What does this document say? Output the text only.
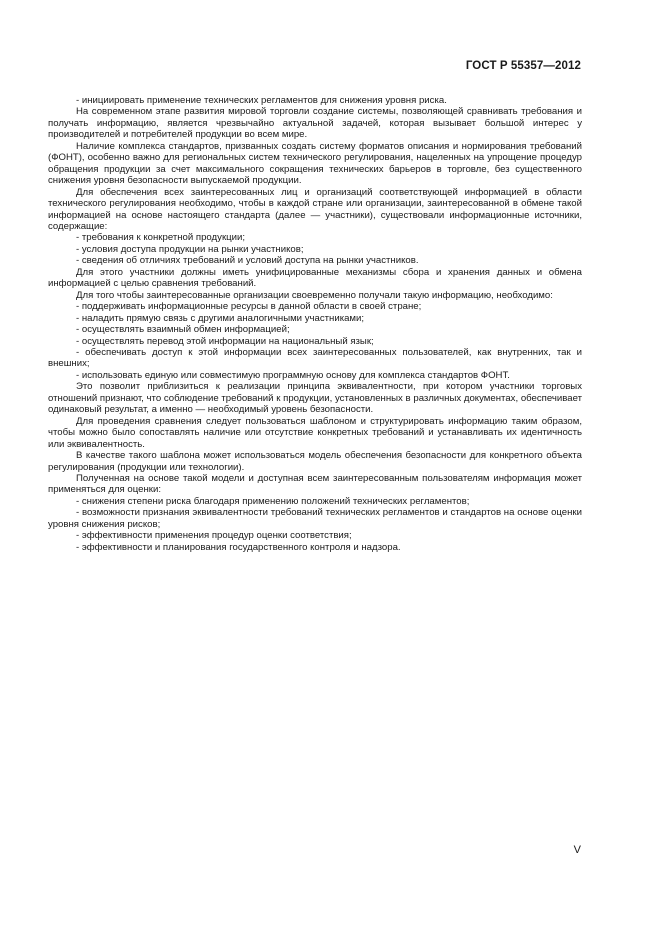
ГОСТ Р 55357—2012

- инициировать применение технических регламентов для снижения уровня риска.

На современном этапе развития мировой торговли создание системы, позволяющей сравнивать требования и получать информацию, является чрезвычайно актуальной задачей, которая вызывает большой интерес у производителей и потребителей продукции во всем мире.

Наличие комплекса стандартов, призванных создать систему форматов описания и нормирования требований (ФОНТ), особенно важно для региональных систем технического регулирования, нацеленных на упрощение процедур обращения продукции за счет максимального сокращения технических барьеров в торговле, без существенного снижения уровня безопасности выпускаемой продукции.

Для обеспечения всех заинтересованных лиц и организаций соответствующей информацией в области технического регулирования необходимо, чтобы в каждой стране или организации, заинтересованной в обмене такой информацией на основе настоящего стандарта (далее — участники), существовали информационные источники, содержащие:

- требования к конкретной продукции;

- условия доступа продукции на рынки участников;

- сведения об отличиях требований и условий доступа на рынки участников.

Для этого участники должны иметь унифицированные механизмы сбора и хранения данных и обмена информацией с целью сравнения требований.

Для того чтобы заинтересованные организации своевременно получали такую информацию, необходимо:

- поддерживать информационные ресурсы в данной области в своей стране;

- наладить прямую связь с другими аналогичными участниками;

- осуществлять взаимный обмен информацией;

- осуществлять перевод этой информации на национальный язык;

- обеспечивать доступ к этой информации всех заинтересованных пользователей, как внутренних, так и внешних;

- использовать единую или совместимую программную основу для комплекса стандартов ФОНТ.

Это позволит приблизиться к реализации принципа эквивалентности, при котором участники торговых отношений признают, что соблюдение требований к продукции, установленных в различных документах, обеспечивает одинаковый результат, а именно — необходимый уровень безопасности.

Для проведения сравнения следует пользоваться шаблоном и структурировать информацию таким образом, чтобы можно было сопоставлять наличие или отсутствие конкретных требований и устанавливать их идентичность или эквивалентность.

В качестве такого шаблона может использоваться модель обеспечения безопасности для конкретного объекта регулирования (продукции или технологии).

Полученная на основе такой модели и доступная всем заинтересованным пользователям информация может применяться для оценки:

- снижения степени риска благодаря применению положений технических регламентов;

- возможности признания эквивалентности требований технических регламентов и стандартов на основе оценки уровня снижения рисков;

- эффективности применения процедур оценки соответствия;

- эффективности и планирования государственного контроля и надзора.

V
